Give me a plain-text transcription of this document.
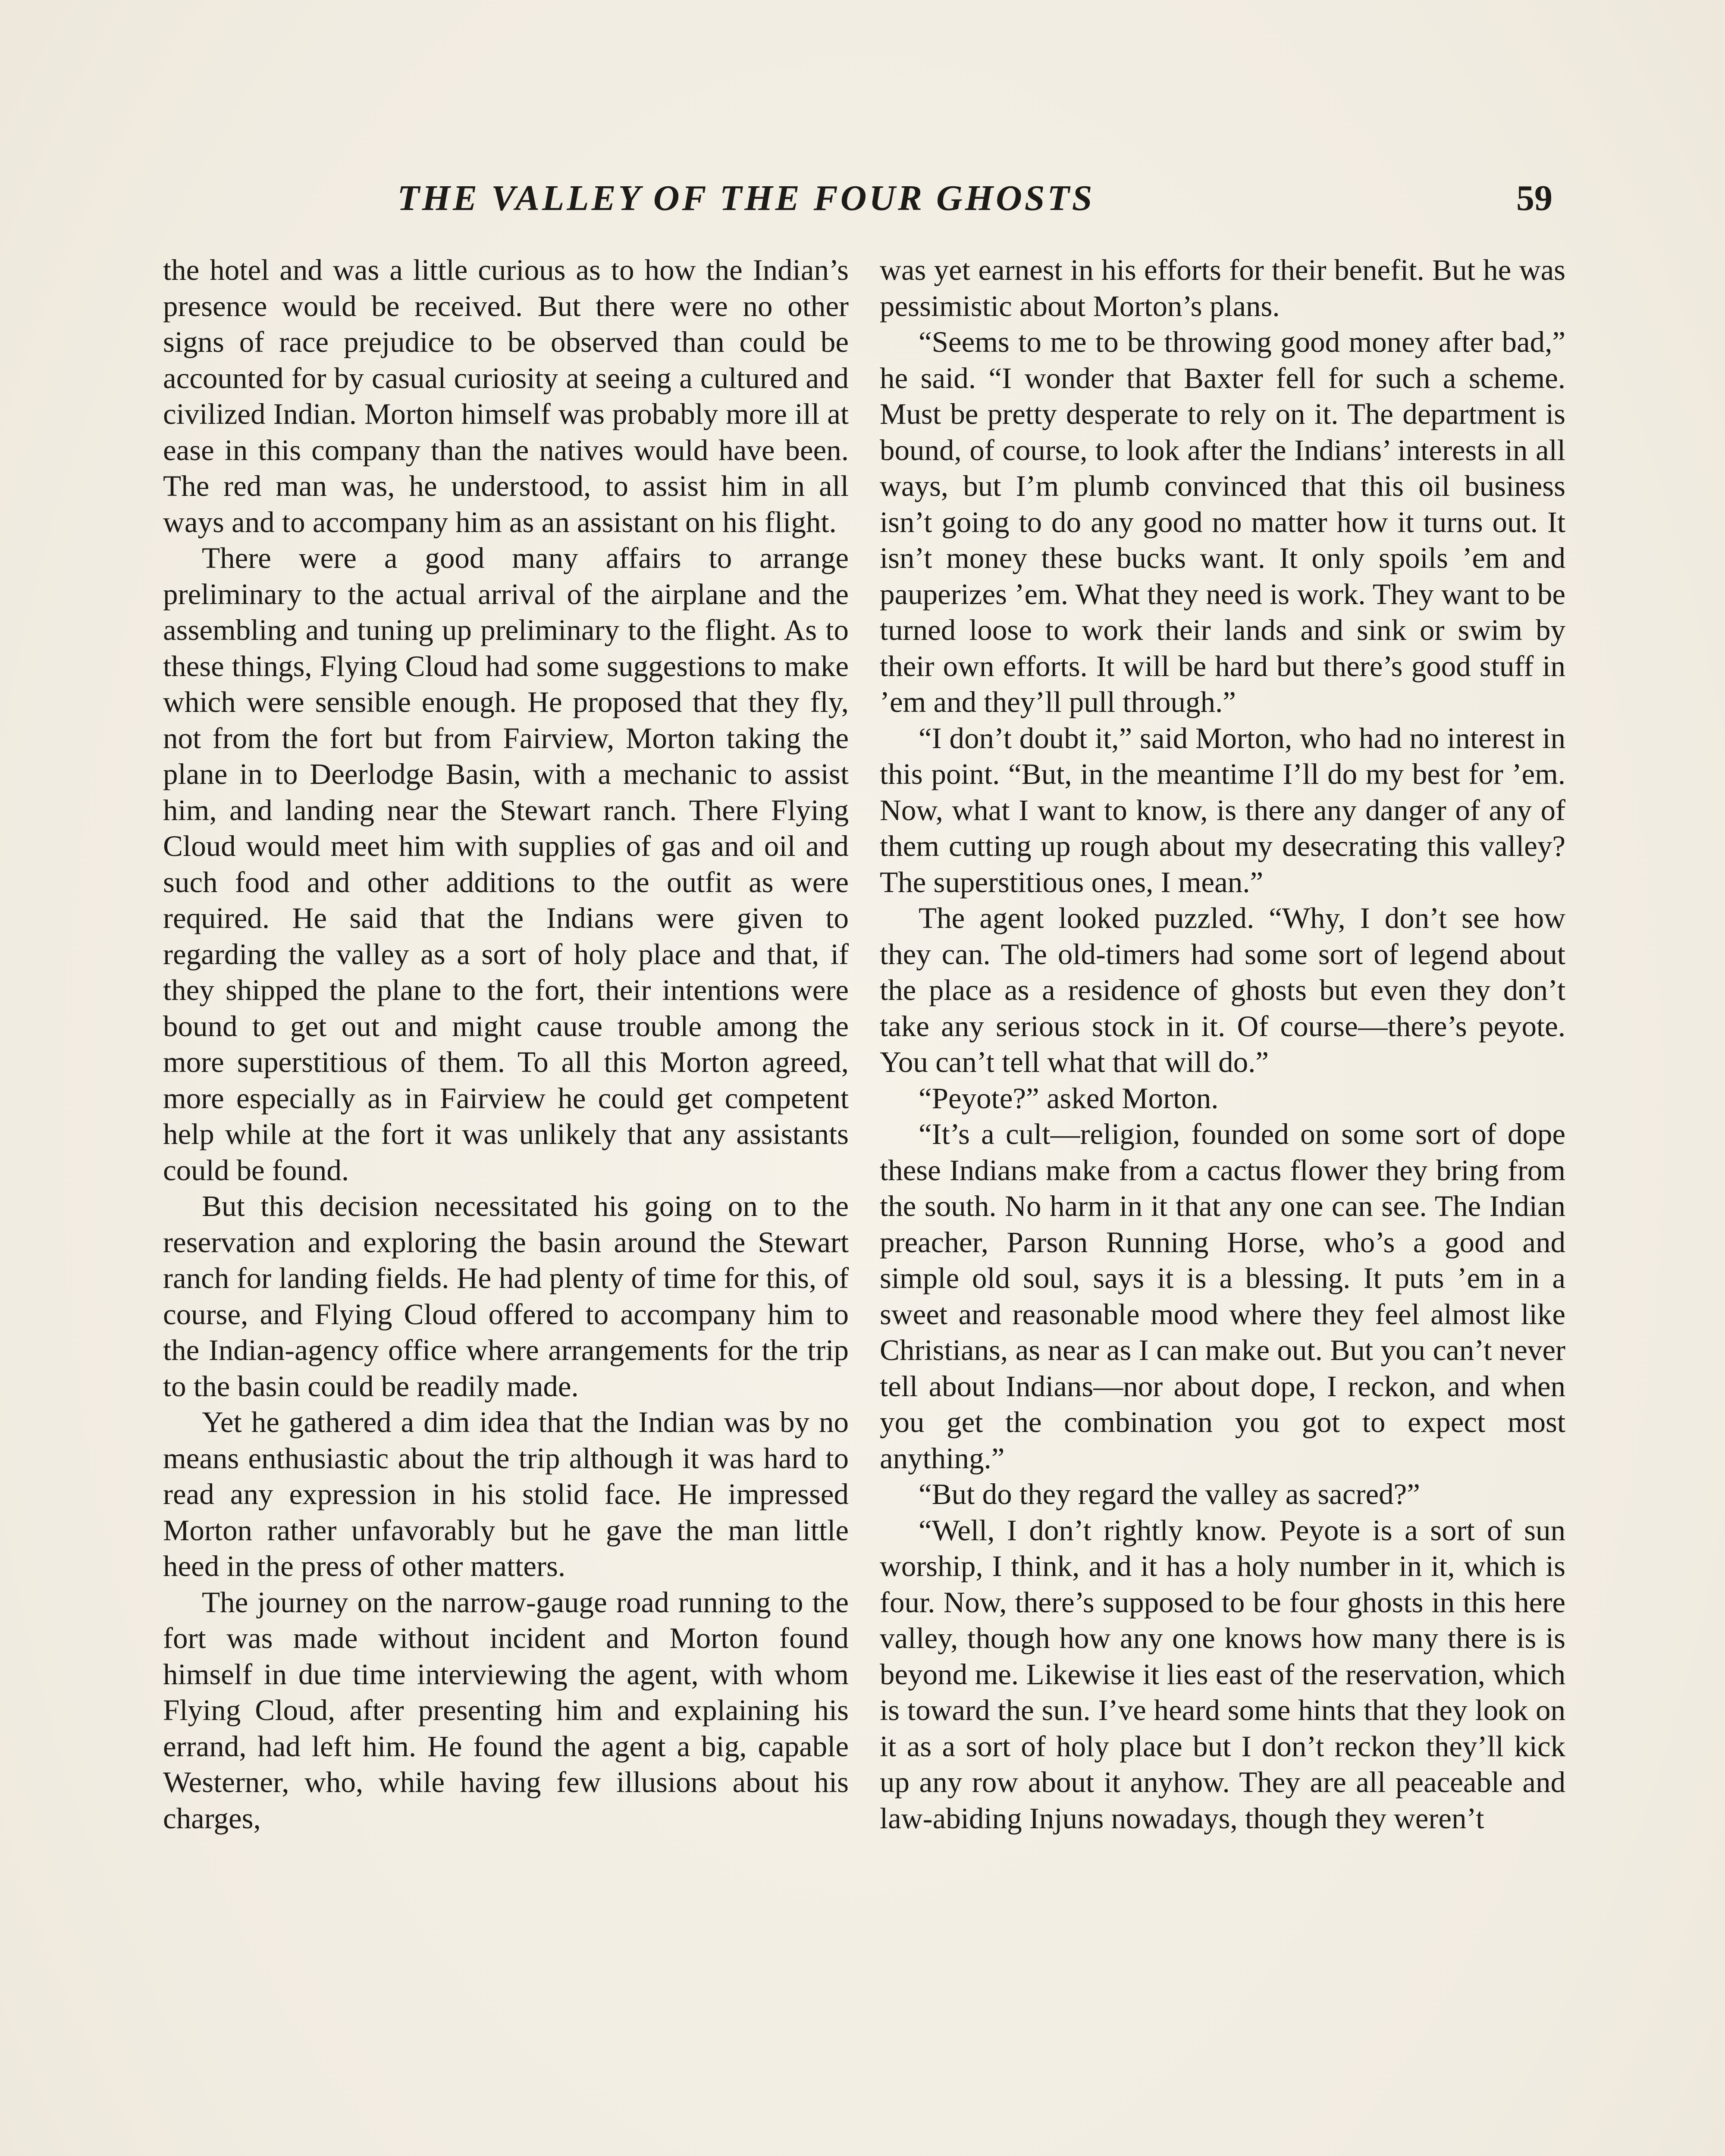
THE VALLEY OF THE FOUR GHOSTS	59

the hotel and was a little curious as to how the Indian’s presence would be received. But there were no other signs of race prejudice to be observed than could be accounted for by casual curiosity at seeing a cultured and civilized Indian. Morton himself was probably more ill at ease in this company than the natives would have been. The red man was, he understood, to assist him in all ways and to accompany him as an assistant on his flight.

There were a good many affairs to arrange preliminary to the actual arrival of the airplane and the assembling and tuning up preliminary to the flight. As to these things, Flying Cloud had some suggestions to make which were sensible enough. He proposed that they fly, not from the fort but from Fairview, Morton taking the plane in to Deerlodge Basin, with a mechanic to assist him, and landing near the Stewart ranch. There Flying Cloud would meet him with supplies of gas and oil and such food and other additions to the outfit as were required. He said that the Indians were given to regarding the valley as a sort of holy place and that, if they shipped the plane to the fort, their intentions were bound to get out and might cause trouble among the more superstitious of them. To all this Morton agreed, more especially as in Fairview he could get competent help while at the fort it was unlikely that any assistants could be found.

But this decision necessitated his going on to the reservation and exploring the basin around the Stewart ranch for landing fields. He had plenty of time for this, of course, and Flying Cloud offered to accompany him to the Indian-agency office where arrangements for the trip to the basin could be readily made.

Yet he gathered a dim idea that the Indian was by no means enthusiastic about the trip although it was hard to read any expression in his stolid face. He impressed Morton rather unfavorably but he gave the man little heed in the press of other matters.

The journey on the narrow-gauge road running to the fort was made without incident and Morton found himself in due time interviewing the agent, with whom Flying Cloud, after presenting him and explaining his errand, had left him. He found the agent a big, capable Westerner, who, while having few illusions about his charges,

was yet earnest in his efforts for their benefit. But he was pessimistic about Morton’s plans.

“Seems to me to be throwing good money after bad,” he said. “I wonder that Baxter fell for such a scheme. Must be pretty desperate to rely on it. The department is bound, of course, to look after the Indians’ interests in all ways, but I’m plumb convinced that this oil business isn’t going to do any good no matter how it turns out. It isn’t money these bucks want. It only spoils ’em and pauperizes ’em. What they need is work. They want to be turned loose to work their lands and sink or swim by their own efforts. It will be hard but there’s good stuff in ’em and they’ll pull through.”

“I don’t doubt it,” said Morton, who had no interest in this point. “But, in the meantime I’ll do my best for ’em. Now, what I want to know, is there any danger of any of them cutting up rough about my desecrating this valley? The superstitious ones, I mean.”

The agent looked puzzled. “Why, I don’t see how they can. The old-timers had some sort of legend about the place as a residence of ghosts but even they don’t take any serious stock in it. Of course—there’s peyote. You can’t tell what that will do.”

“Peyote?” asked Morton.

“It’s a cult—religion, founded on some sort of dope these Indians make from a cactus flower they bring from the south. No harm in it that any one can see. The Indian preacher, Parson Running Horse, who’s a good and simple old soul, says it is a blessing. It puts ’em in a sweet and reasonable mood where they feel almost like Christians, as near as I can make out. But you can’t never tell about Indians—nor about dope, I reckon, and when you get the combination you got to expect most anything.”

“But do they regard the valley as sacred?”

“Well, I don’t rightly know. Peyote is a sort of sun worship, I think, and it has a holy number in it, which is four. Now, there’s supposed to be four ghosts in this here valley, though how any one knows how many there is is beyond me. Likewise it lies east of the reservation, which is toward the sun. I’ve heard some hints that they look on it as a sort of holy place but I don’t reckon they’ll kick up any row about it anyhow. They are all peaceable and law-abiding Injuns nowadays, though they weren’t
